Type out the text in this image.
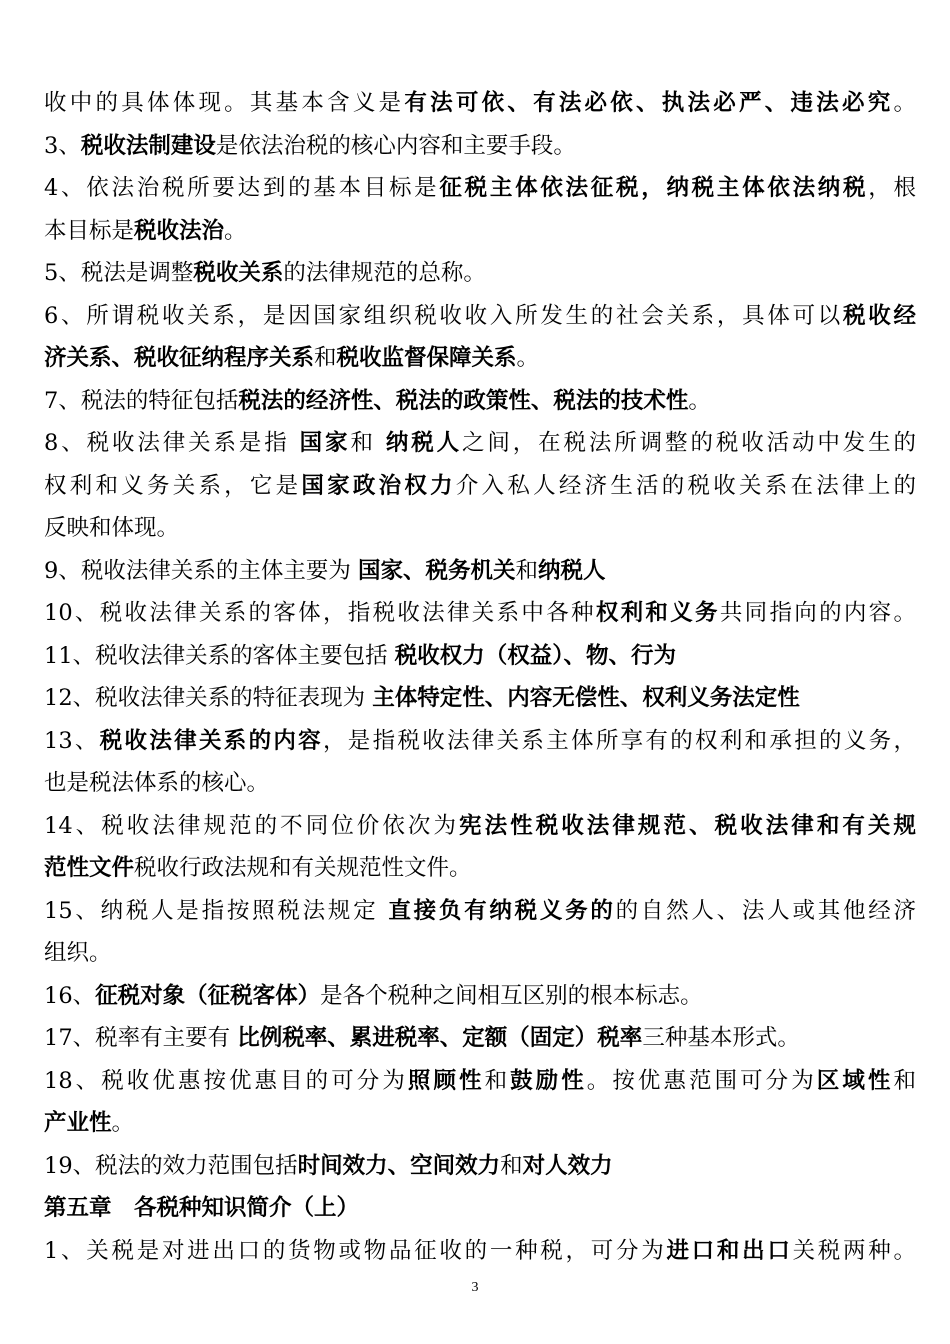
收中的具体体现。其基本含义是有法可依、有法必依、执法必严、违法必究。
3、税收法制建设是依法治税的核心内容和主要手段。
4、依法治税所要达到的基本目标是征税主体依法征税，纳税主体依法纳税，根
本目标是税收法治。
5、税法是调整税收关系的法律规范的总称。
6、所谓税收关系，是因国家组织税收收入所发生的社会关系，具体可以税收经
济关系、税收征纳程序关系和税收监督保障关系。
7、税法的特征包括税法的经济性、税法的政策性、税法的技术性。
8、税收法律关系是指 国家和 纳税人之间，在税法所调整的税收活动中发生的
权利和义务关系，它是国家政治权力介入私人经济生活的税收关系在法律上的
反映和体现。
9、税收法律关系的主体主要为 国家、税务机关和纳税人
10、税收法律关系的客体，指税收法律关系中各种权利和义务共同指向的内容。
11、税收法律关系的客体主要包括 税收权力（权益）、物、行为
12、税收法律关系的特征表现为 主体特定性、内容无偿性、权利义务法定性
13、税收法律关系的内容，是指税收法律关系主体所享有的权利和承担的义务，
也是税法体系的核心。
14、税收法律规范的不同位价依次为宪法性税收法律规范、税收法律和有关规
范性文件税收行政法规和有关规范性文件。
15、纳税人是指按照税法规定 直接负有纳税义务的的自然人、法人或其他经济
组织。
16、征税对象（征税客体）是各个税种之间相互区别的根本标志。
17、税率有主要有 比例税率、累进税率、定额（固定）税率三种基本形式。
18、税收优惠按优惠目的可分为照顾性和鼓励性。按优惠范围可分为区域性和
产业性。
19、税法的效力范围包括时间效力、空间效力和对人效力
第五章　各税种知识简介（上）
1、关税是对进出口的货物或物品征收的一种税，可分为进口和出口关税两种。
3
